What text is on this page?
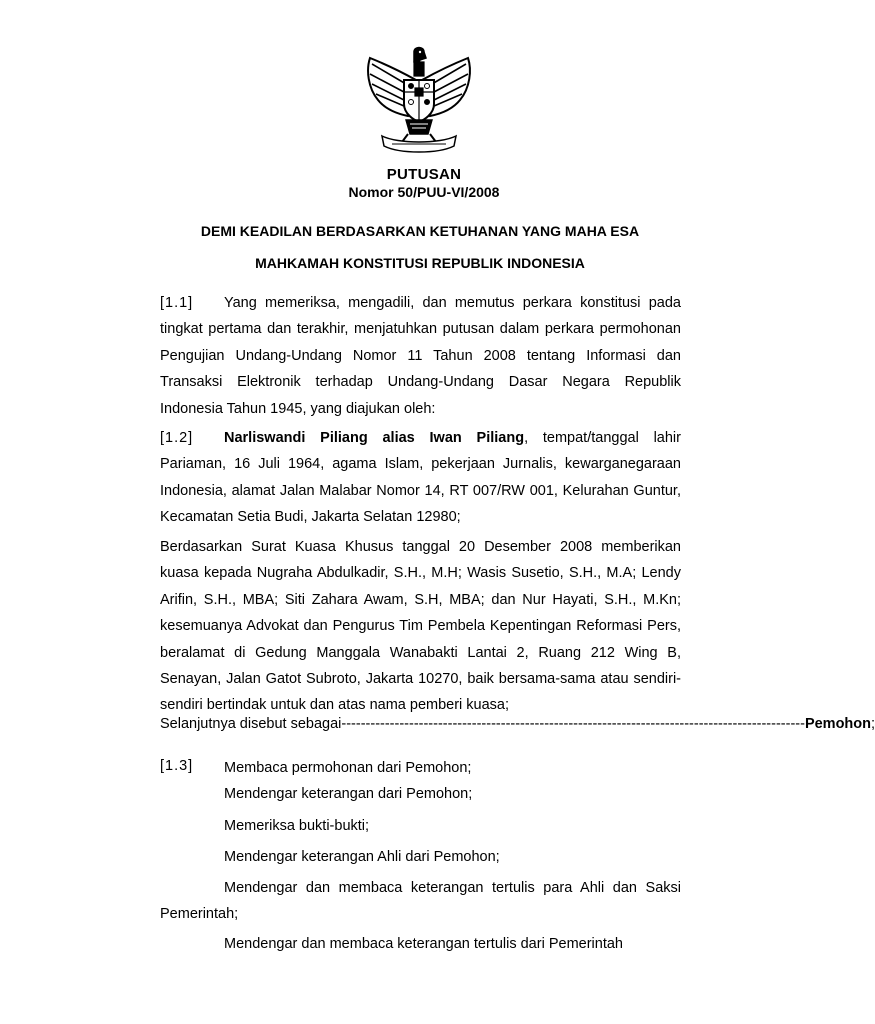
PUTUSAN
Nomor 50/PUU-VI/2008
DEMI KEADILAN BERDASARKAN KETUHANAN YANG MAHA ESA
MAHKAMAH KONSTITUSI REPUBLIK INDONESIA
[1.1] Yang memeriksa, mengadili, dan memutus perkara konstitusi pada tingkat pertama dan terakhir, menjatuhkan putusan dalam perkara permohonan Pengujian Undang-Undang Nomor 11 Tahun 2008 tentang Informasi dan Transaksi Elektronik terhadap Undang-Undang Dasar Negara Republik Indonesia Tahun 1945, yang diajukan oleh:
[1.2] Narliswandi Piliang alias Iwan Piliang, tempat/tanggal lahir Pariaman, 16 Juli 1964, agama Islam, pekerjaan Jurnalis, kewarganegaraan Indonesia, alamat Jalan Malabar Nomor 14, RT 007/RW 001, Kelurahan Guntur, Kecamatan Setia Budi, Jakarta Selatan 12980;
Berdasarkan Surat Kuasa Khusus tanggal 20 Desember 2008 memberikan kuasa kepada Nugraha Abdulkadir, S.H., M.H; Wasis Susetio, S.H., M.A; Lendy Arifin, S.H., MBA; Siti Zahara Awam, S.H, MBA; dan Nur Hayati, S.H., M.Kn; kesemuanya Advokat dan Pengurus Tim Pembela Kepentingan Reformasi Pers, beralamat di Gedung Manggala Wanabakti Lantai 2, Ruang 212 Wing B, Senayan, Jalan Gatot Subroto, Jakarta 10270, baik bersama-sama atau sendiri-sendiri bertindak untuk dan atas nama pemberi kuasa;
Selanjutnya disebut sebagai ------------------------------------------------------------------------------------------------ Pemohon ;
[1.3] Membaca permohonan dari Pemohon;
Mendengar keterangan dari Pemohon;
Memeriksa bukti-bukti;
Mendengar keterangan Ahli dari Pemohon;
Mendengar dan membaca keterangan tertulis para Ahli dan Saksi Pemerintah;
Mendengar dan membaca keterangan tertulis dari Pemerintah
